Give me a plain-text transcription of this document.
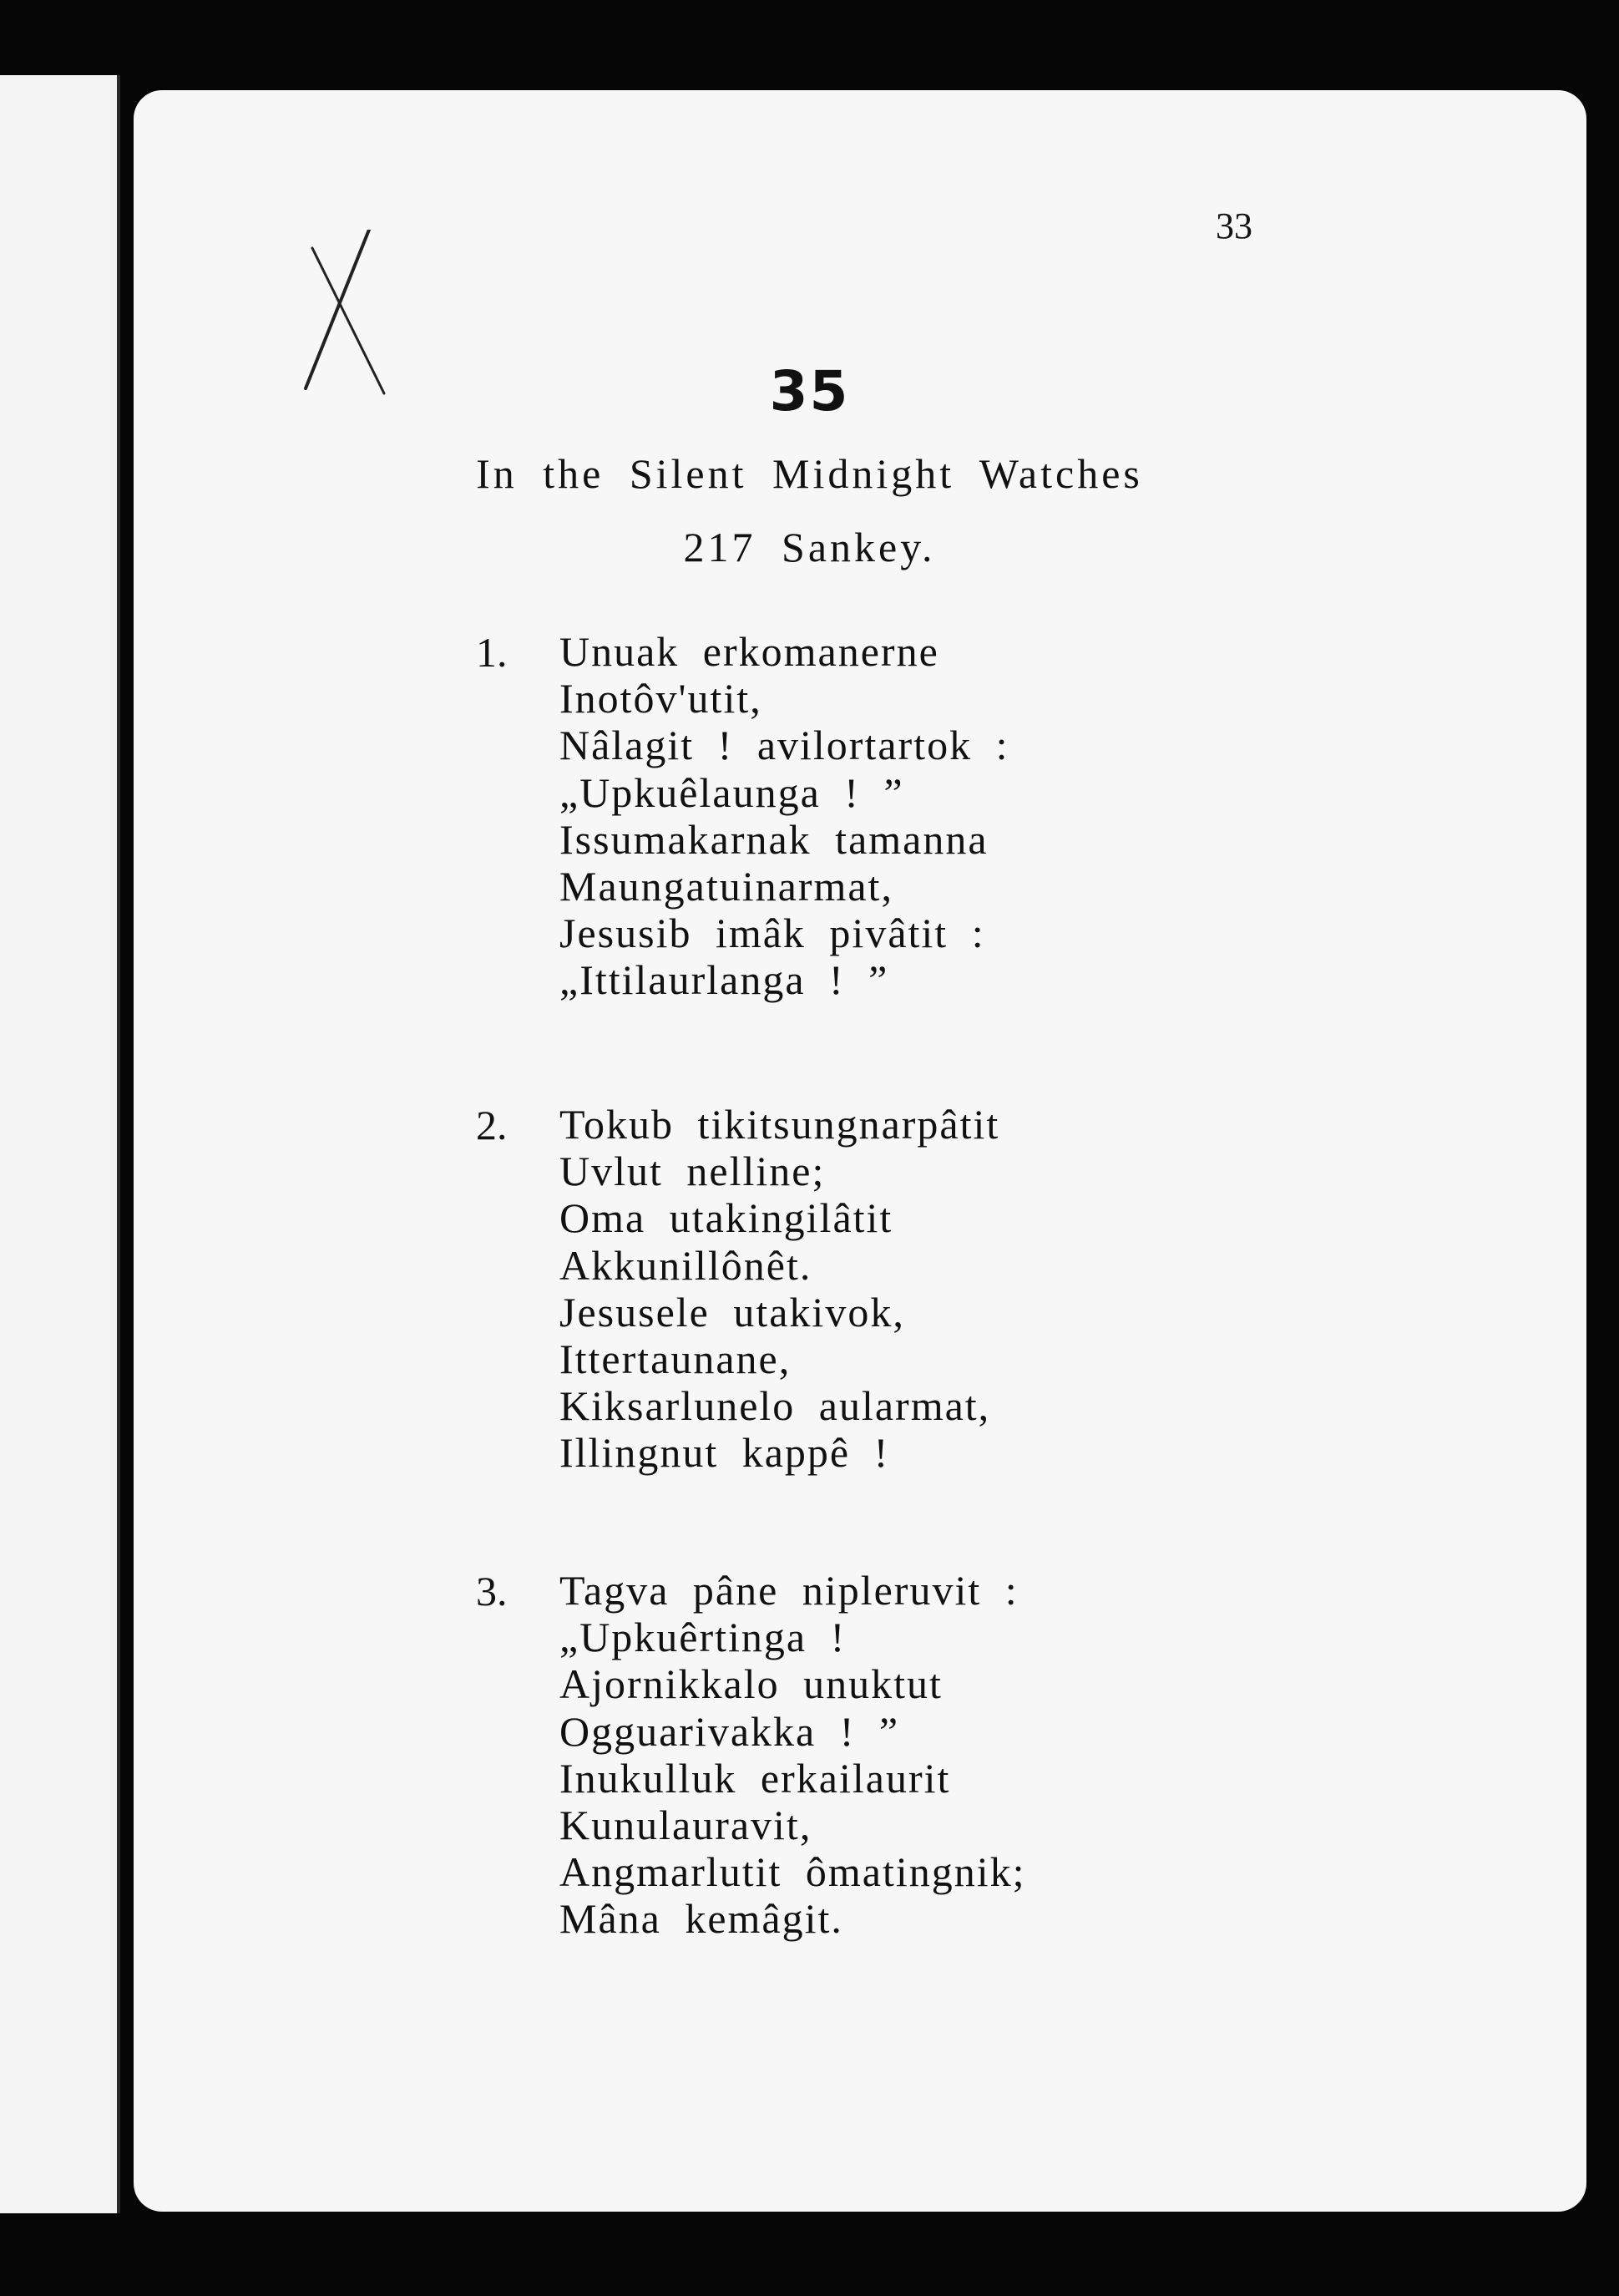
33
35
In the Silent Midnight Watches
217 Sankey.
1. Unuak erkomanerne
Inotôv'utit,
Nâlagit ! avilortartok :
„Upkuêlaunga ! ”
Issumakarnak tamanna
Maungatuinarmat,
Jesusib imâk pivâtit :
„Ittilaurlanga ! ”
2. Tokub tikitsungnarpâtit
Uvlut nelline;
Oma utakingilâtit
Akkunillônêt.
Jesusele utakivok,
Ittertaunane,
Kiksarlunelo aularmat,
Illingnut kappê !
3. Tagva pâne nipleruvit :
„Upkuêrtinga !
Ajornikkalo unuktut
Ogguarivakka ! ”
Inukulluk erkailaurit
Kunulauravit,
Angmarlutit ômatingnik;
Mâna kemâgit.
